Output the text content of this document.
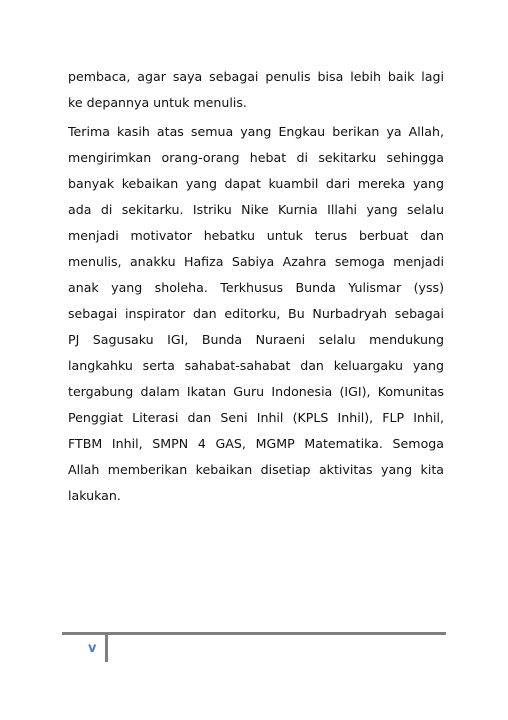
pembaca, agar saya sebagai penulis bisa lebih baik lagi
ke depannya untuk menulis.
Terima kasih atas semua yang Engkau berikan ya Allah,
mengirimkan orang-orang hebat di sekitarku sehingga
banyak kebaikan yang dapat kuambil dari mereka yang
ada di sekitarku. Istriku Nike Kurnia Illahi yang selalu
menjadi motivator hebatku untuk terus berbuat dan
menulis, anakku Hafiza Sabiya Azahra semoga menjadi
anak yang sholeha. Terkhusus Bunda Yulismar (yss)
sebagai inspirator dan editorku, Bu Nurbadryah sebagai
PJ Sagusaku IGI, Bunda Nuraeni selalu mendukung
langkahku serta sahabat-sahabat dan keluargaku yang
tergabung dalam Ikatan Guru Indonesia (IGI), Komunitas
Penggiat Literasi dan Seni Inhil (KPLS Inhil), FLP Inhil,
FTBM Inhil, SMPN 4 GAS, MGMP Matematika. Semoga
Allah memberikan kebaikan disetiap aktivitas yang kita
lakukan.
v
